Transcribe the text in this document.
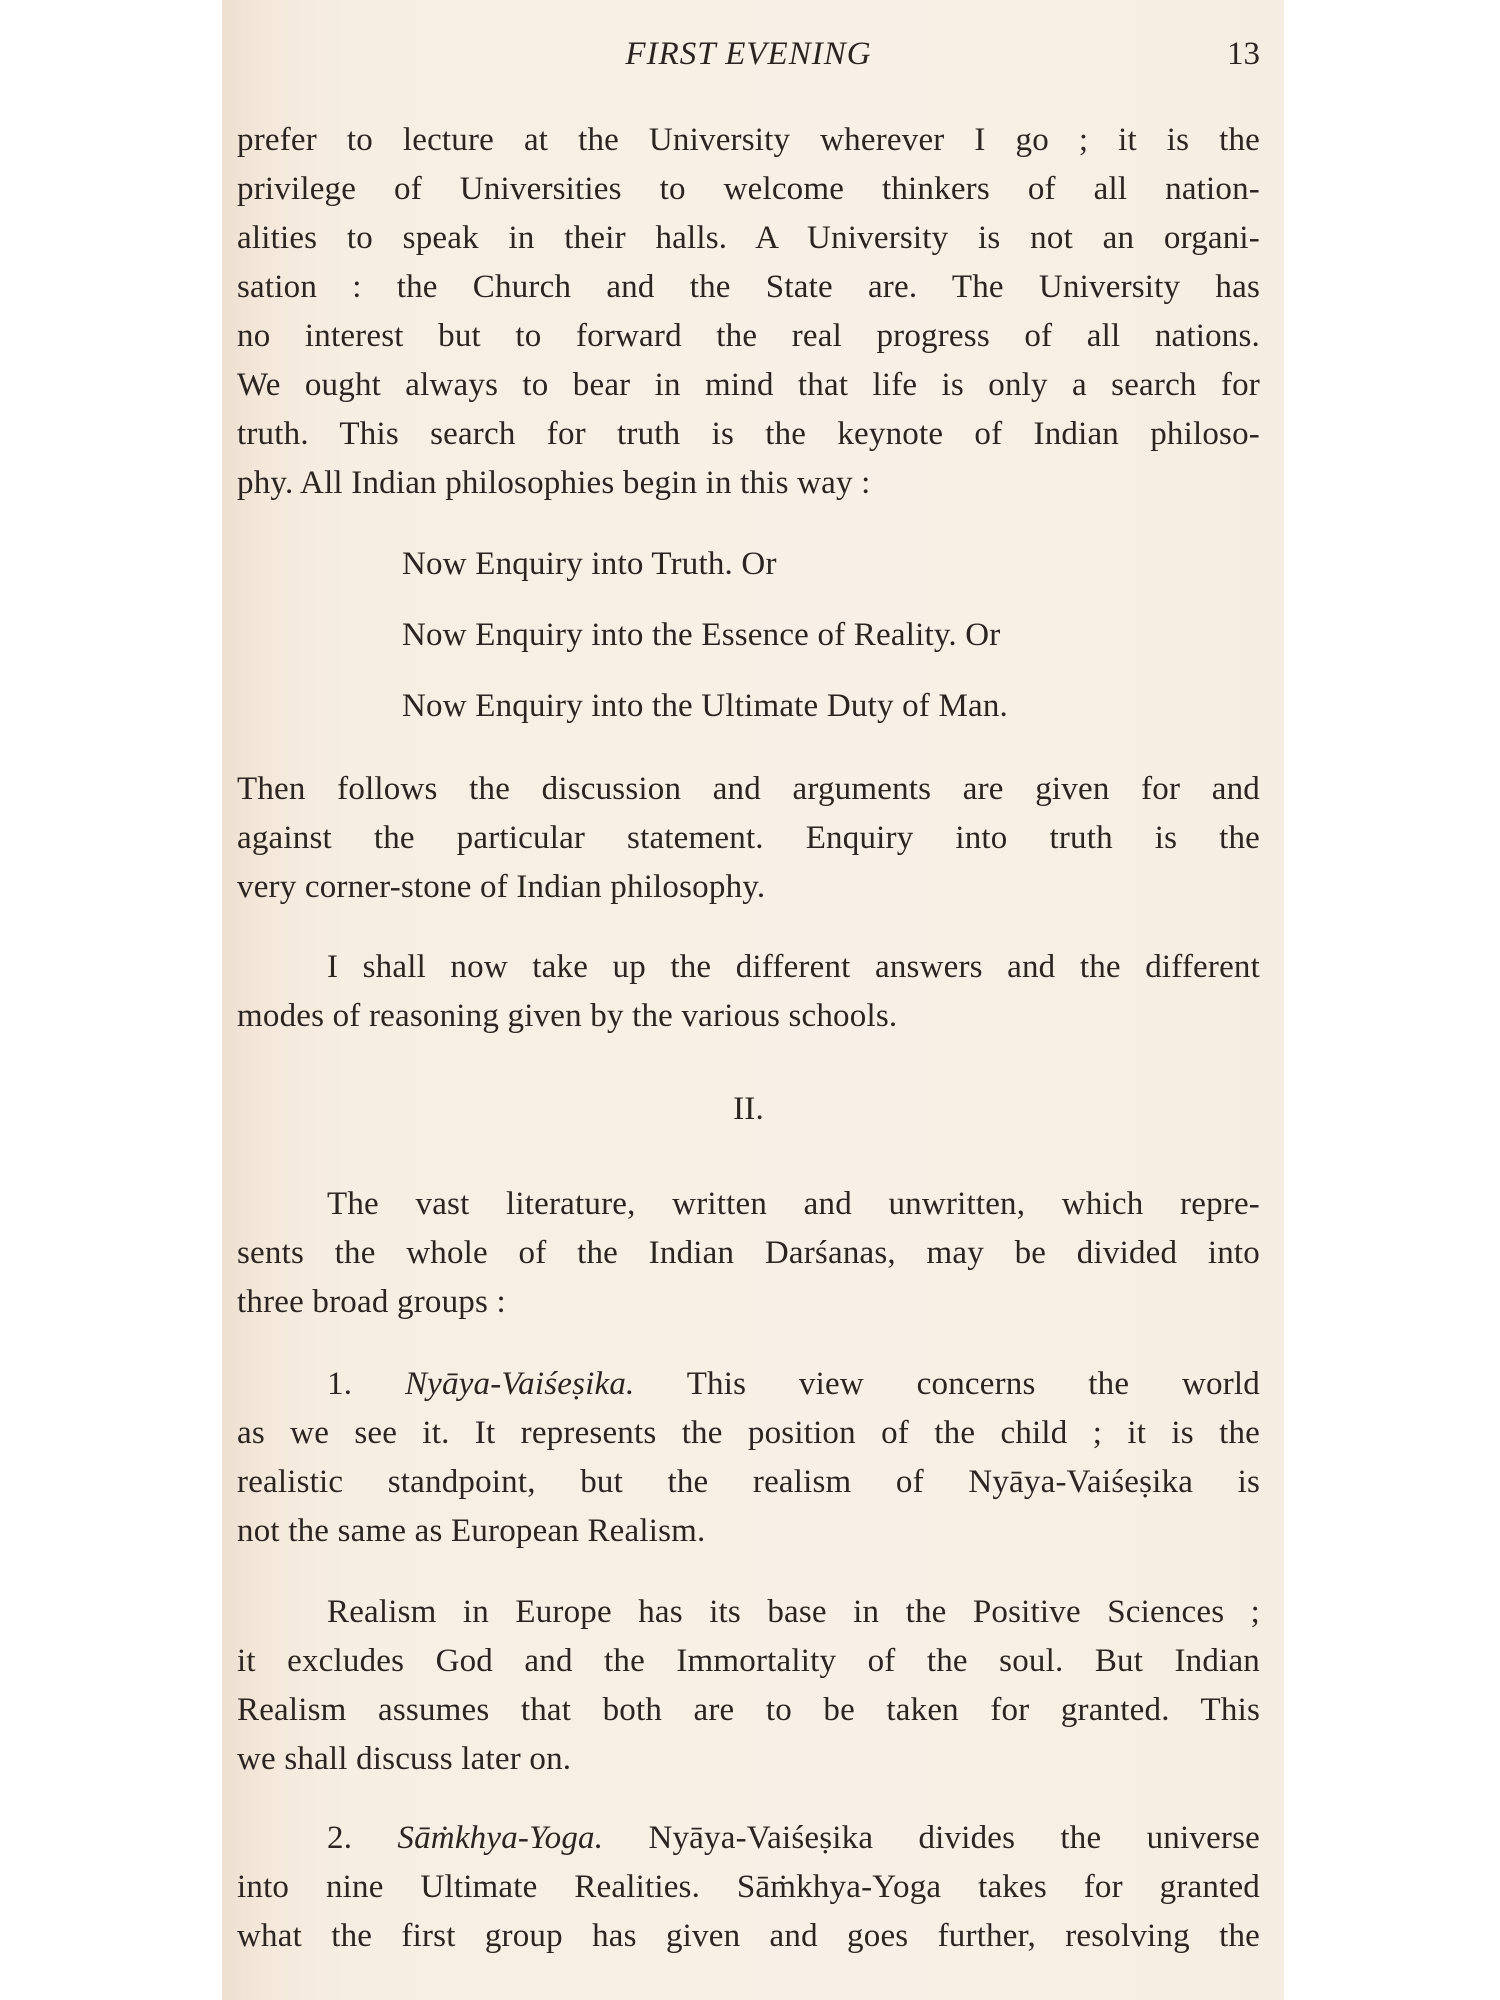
FIRST EVENING	13
prefer to lecture at the University wherever I go ; it is the
privilege of Universities to welcome thinkers of all nation-
alities to speak in their halls. A University is not an organi-
sation : the Church and the State are. The University has
no interest but to forward the real progress of all nations.
We ought always to bear in mind that life is only a search for
truth. This search for truth is the keynote of Indian philoso-
phy. All Indian philosophies begin in this way :
Now Enquiry into Truth. Or
Now Enquiry into the Essence of Reality. Or
Now Enquiry into the Ultimate Duty of Man.
Then follows the discussion and arguments are given for and
against the particular statement. Enquiry into truth is the
very corner-stone of Indian philosophy.
I shall now take up the different answers and the different
modes of reasoning given by the various schools.
II.
The vast literature, written and unwritten, which repre-
sents the whole of the Indian Darśanas, may be divided into
three broad groups :
1. Nyāya-Vaiśeṣika. This view concerns the world
as we see it. It represents the position of the child ; it is the
realistic standpoint, but the realism of Nyāya-Vaiśeṣika is
not the same as European Realism.
Realism in Europe has its base in the Positive Sciences ;
it excludes God and the Immortality of the soul. But Indian
Realism assumes that both are to be taken for granted. This
we shall discuss later on.
2. Sāṁkhya-Yoga. Nyāya-Vaiśeṣika divides the universe
into nine Ultimate Realities. Sāṁkhya-Yoga takes for granted
what the first group has given and goes further, resolving the
